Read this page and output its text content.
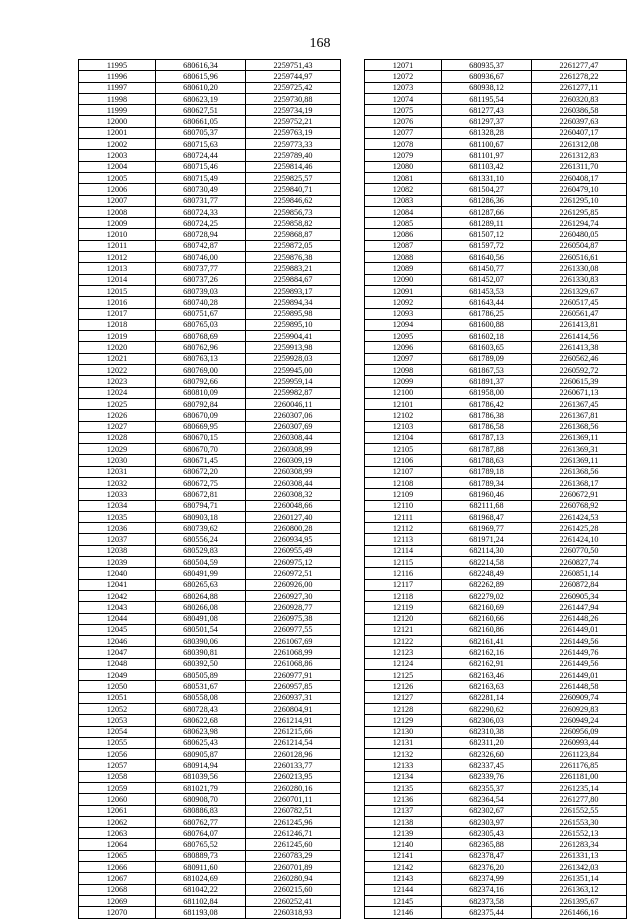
168
11995	680616,34	2259751,43
11996	680615,96	2259744,97
11997	680610,20	2259725,42
11998	680623,19	2259730,88
11999	680627,51	2259734,19
12000	680661,05	2259752,21
12001	680705,37	2259763,19
12002	680715,63	2259773,33
12003	680724,44	2259789,40
12004	680715,46	2259814,46
12005	680715,49	2259825,57
12006	680730,49	2259840,71
12007	680731,77	2259846,62
12008	680724,33	2259856,73
12009	680724,25	2259858,82
12010	680728,94	2259868,87
12011	680742,87	2259872,05
12012	680746,00	2259876,38
12013	680737,77	2259883,21
12014	680737,26	2259884,67
12015	680739,03	2259893,17
12016	680740,28	2259894,34
12017	680751,67	2259895,98
12018	680765,03	2259895,10
12019	680768,69	2259904,41
12020	680762,96	2259913,98
12021	680763,13	2259928,03
12022	680769,00	2259945,00
12023	680792,66	2259959,14
12024	680810,09	2259982,87
12025	680792,84	2260046,11
12026	680670,09	2260307,06
12027	680669,95	2260307,69
12028	680670,15	2260308,44
12029	680670,70	2260308,99
12030	680671,45	2260309,19
12031	680672,20	2260308,99
12032	680672,75	2260308,44
12033	680672,81	2260308,32
12034	680794,71	2260048,66
12035	680903,18	2260127,40
12036	680739,62	2260800,28
12037	680556,24	2260934,95
12038	680529,83	2260955,49
12039	680504,59	2260975,12
12040	680491,99	2260972,51
12041	680265,63	2260926,00
12042	680264,88	2260927,30
12043	680266,08	2260928,77
12044	680491,08	2260975,38
12045	680501,54	2260977,55
12046	680390,06	2261067,69
12047	680390,81	2261068,99
12048	680392,50	2261068,86
12049	680505,89	2260977,91
12050	680531,67	2260957,85
12051	680558,08	2260937,31
12052	680728,43	2260804,91
12053	680622,68	2261214,91
12054	680623,98	2261215,66
12055	680625,43	2261214,54
12056	680905,87	2260128,96
12057	680914,94	2260133,77
12058	681039,56	2260213,95
12059	681021,79	2260280,16
12060	680908,70	2260701,11
12061	680886,83	2260782,51
12062	680762,77	2261245,96
12063	680764,07	2261246,71
12064	680765,52	2261245,60
12065	680889,73	2260783,29
12066	680911,60	2260701,89
12067	681024,69	2260280,94
12068	681042,22	2260215,60
12069	681102,84	2260252,41
12070	681193,08	2260318,93
12071	680935,37	2261277,47
12072	680936,67	2261278,22
12073	680938,12	2261277,11
12074	681195,54	2260320,83
12075	681277,43	2260386,58
12076	681297,37	2260397,63
12077	681328,28	2260407,17
12078	681100,67	2261312,08
12079	681101,97	2261312,83
12080	681103,42	2261311,70
12081	681331,10	2260408,17
12082	681504,27	2260479,10
12083	681286,36	2261295,10
12084	681287,66	2261295,85
12085	681289,11	2261294,74
12086	681507,12	2260480,05
12087	681597,72	2260504,87
12088	681640,56	2260516,61
12089	681450,77	2261330,08
12090	681452,07	2261330,83
12091	681453,53	2261329,67
12092	681643,44	2260517,45
12093	681786,25	2260561,47
12094	681600,88	2261413,81
12095	681602,18	2261414,56
12096	681603,65	2261413,38
12097	681789,09	2260562,46
12098	681867,53	2260592,72
12099	681891,37	2260615,39
12100	681958,00	2260671,13
12101	681786,42	2261367,45
12102	681786,38	2261367,81
12103	681786,58	2261368,56
12104	681787,13	2261369,11
12105	681787,88	2261369,31
12106	681788,63	2261369,11
12107	681789,18	2261368,56
12108	681789,34	2261368,17
12109	681960,46	2260672,91
12110	682111,68	2260768,92
12111	681968,47	2261424,53
12112	681969,77	2261425,28
12113	681971,24	2261424,10
12114	682114,30	2260770,50
12115	682214,58	2260827,74
12116	682248,49	2260851,14
12117	682262,89	2260872,84
12118	682279,02	2260905,34
12119	682160,69	2261447,94
12120	682160,66	2261448,26
12121	682160,86	2261449,01
12122	682161,41	2261449,56
12123	682162,16	2261449,76
12124	682162,91	2261449,56
12125	682163,46	2261449,01
12126	682163,63	2261448,58
12127	682281,14	2260909,74
12128	682290,62	2260929,83
12129	682306,03	2260949,24
12130	682310,38	2260956,09
12131	682311,20	2260993,44
12132	682326,60	2261123,84
12133	682337,45	2261176,85
12134	682339,76	2261181,00
12135	682355,37	2261235,14
12136	682364,54	2261277,80
12137	682302,67	2261552,55
12138	682303,97	2261553,30
12139	682305,43	2261552,13
12140	682365,88	2261283,34
12141	682378,47	2261331,13
12142	682376,20	2261342,03
12143	682374,99	2261351,14
12144	682374,16	2261363,12
12145	682373,58	2261395,67
12146	682375,44	2261466,16
